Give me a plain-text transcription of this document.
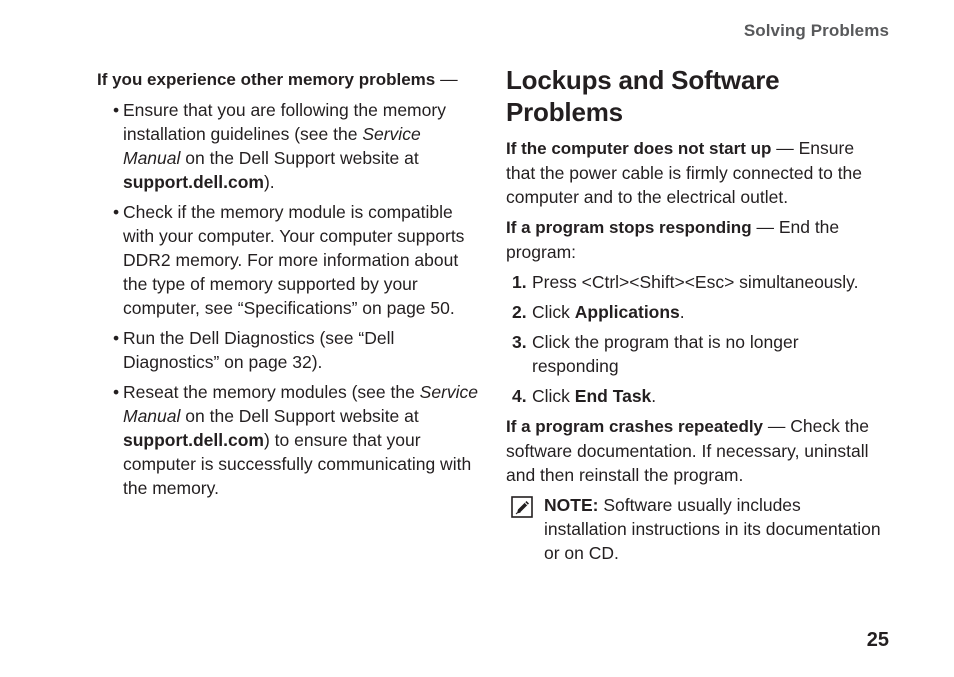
Solving Problems
If you experience other memory problems —
• Ensure that you are following the memory installation guidelines (see the Service Manual on the Dell Support website at support.dell.com).
• Check if the memory module is compatible with your computer. Your computer supports DDR2 memory. For more information about the type of memory supported by your computer, see “Specifications” on page 50.
• Run the Dell Diagnostics (see “Dell Diagnostics” on page 32).
• Reseat the memory modules (see the Service Manual on the Dell Support website at support.dell.com) to ensure that your computer is successfully communicating with the memory.
Lockups and Software Problems

If the computer does not start up — Ensure that the power cable is firmly connected to the computer and to the electrical outlet.

If a program stops responding — End the program:

1. Press <Ctrl><Shift><Esc> simultaneously.
2. Click Applications.
3. Click the program that is no longer responding
4. Click End Task.

If a program crashes repeatedly — Check the software documentation. If necessary, uninstall and then reinstall the program.

NOTE: Software usually includes installation instructions in its documentation or on CD.
25
